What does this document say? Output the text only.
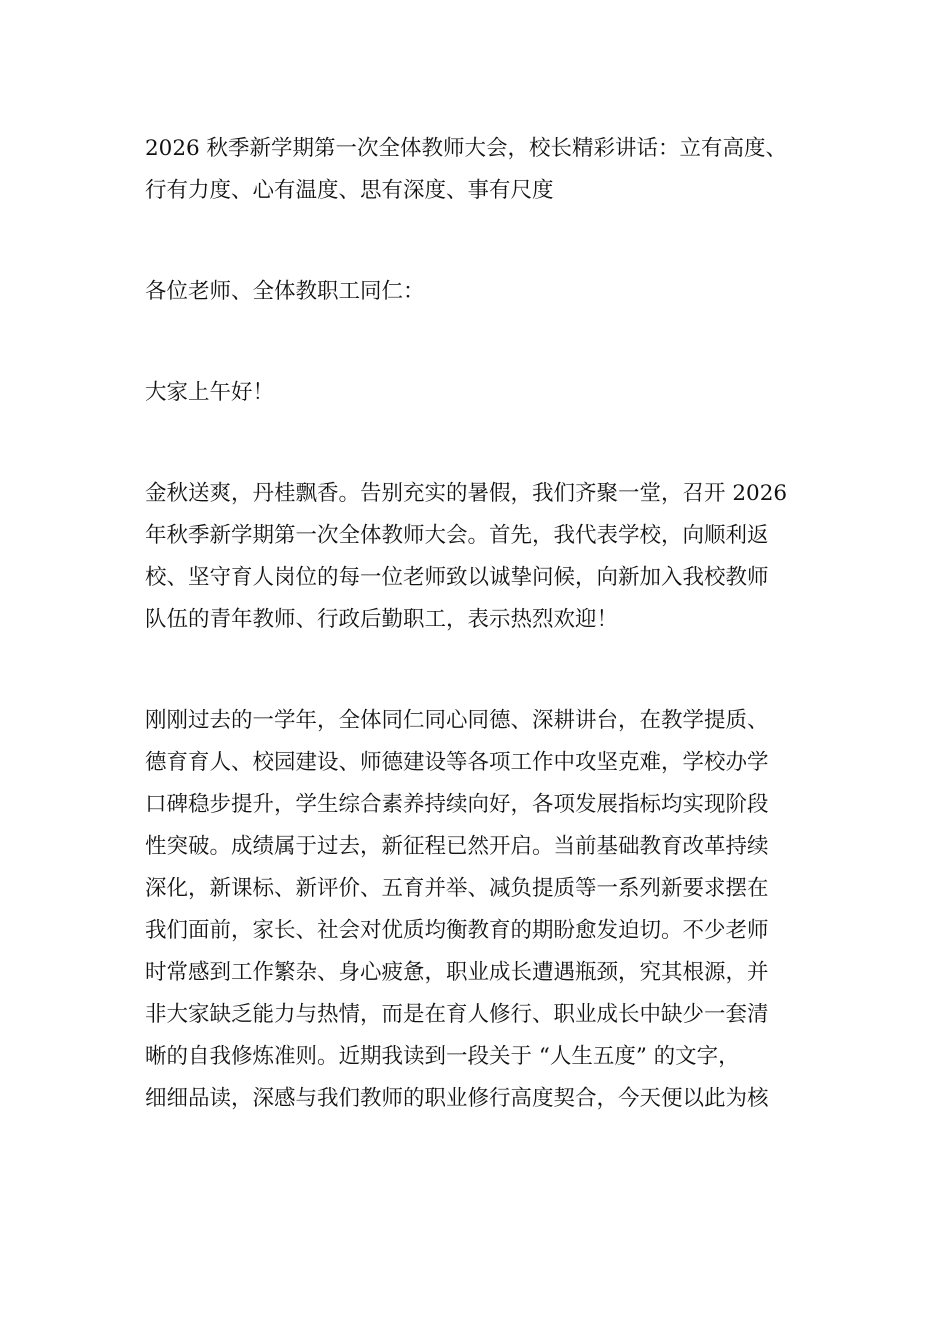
2026 秋季新学期第一次全体教师大会，校长精彩讲话：立有高度、
行有力度、心有温度、思有深度、事有尺度

各位老师、全体教职工同仁：

大家上午好！

金秋送爽，丹桂飘香。告别充实的暑假，我们齐聚一堂，召开 2026
年秋季新学期第一次全体教师大会。首先，我代表学校，向顺利返
校、坚守育人岗位的每一位老师致以诚挚问候，向新加入我校教师
队伍的青年教师、行政后勤职工，表示热烈欢迎！

刚刚过去的一学年，全体同仁同心同德、深耕讲台，在教学提质、
德育育人、校园建设、师德建设等各项工作中攻坚克难，学校办学
口碑稳步提升，学生综合素养持续向好，各项发展指标均实现阶段
性突破。成绩属于过去，新征程已然开启。当前基础教育改革持续
深化，新课标、新评价、五育并举、减负提质等一系列新要求摆在
我们面前，家长、社会对优质均衡教育的期盼愈发迫切。不少老师
时常感到工作繁杂、身心疲惫，职业成长遭遇瓶颈，究其根源，并
非大家缺乏能力与热情，而是在育人修行、职业成长中缺少一套清
晰的自我修炼准则。近期我读到一段关于 “人生五度” 的文字，
细细品读，深感与我们教师的职业修行高度契合，今天便以此为核
